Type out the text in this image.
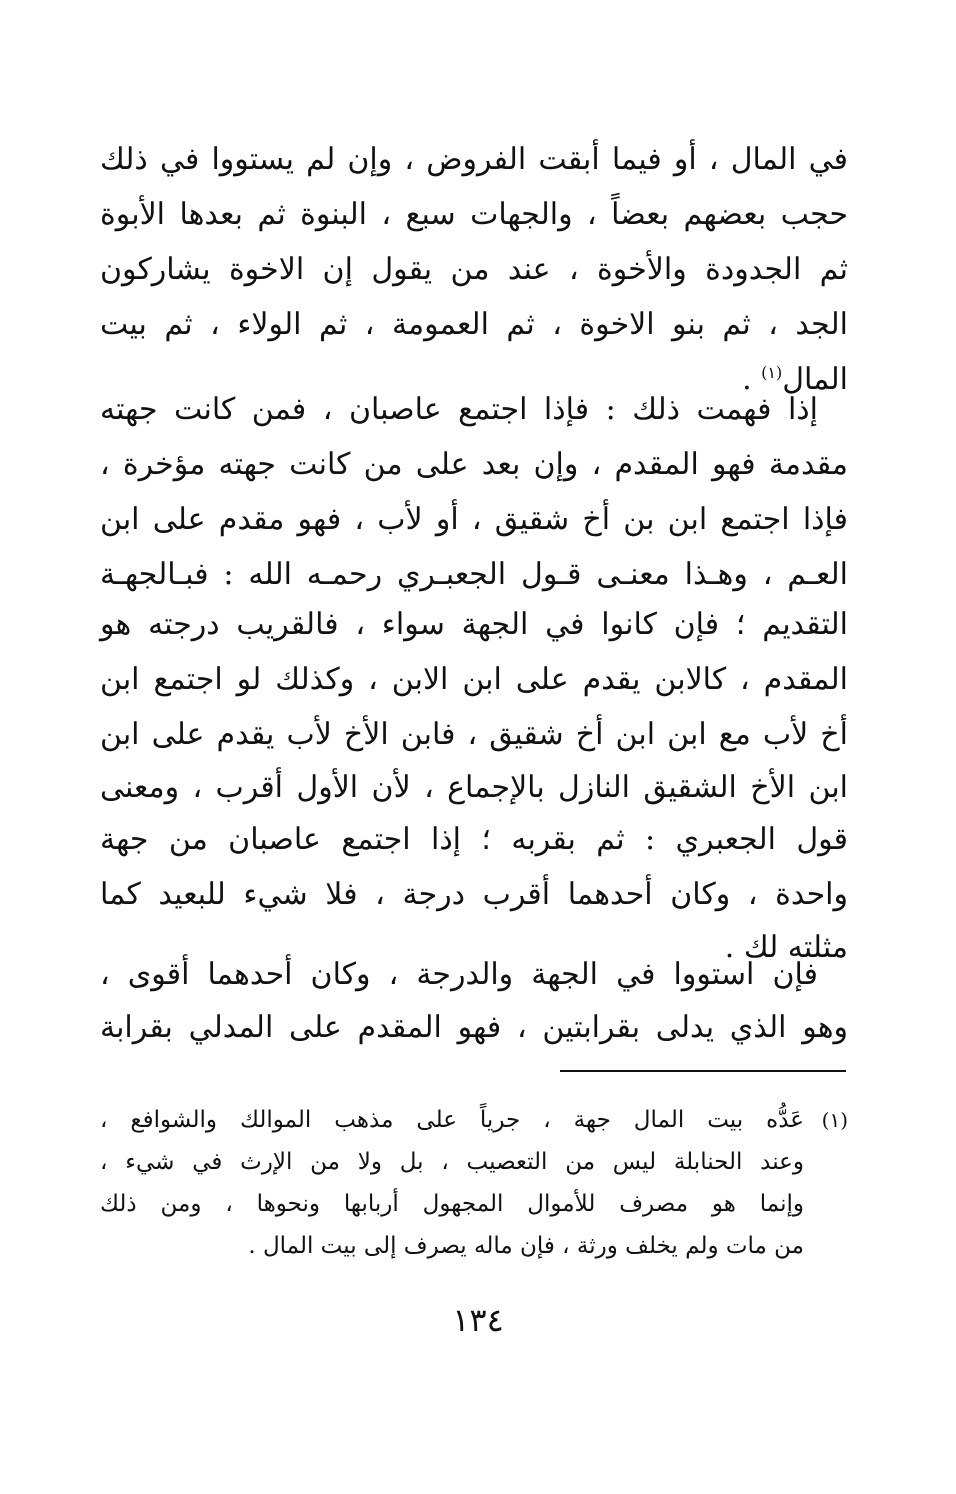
في المال ، أو فيما أبقت الفروض ، وإن لم يستووا في ذلك
حجب بعضهم بعضاً ، والجهات سبع ، البنوة ثم بعدها الأبوة
ثم الجدودة والأخوة ، عند من يقول إن الاخوة يشاركون
الجد ، ثم بنو الاخوة ، ثم العمومة ، ثم الولاء ، ثم بيت
المال$^{(١)}$ .
إذا فهمت ذلك : فإذا اجتمع عاصبان ، فمن كانت جهته
مقدمة فهو المقدم ، وإن بعد على من كانت جهته مؤخرة ،
فإذا اجتمع ابن بن أخ شقيق ، أو لأب ، فهو مقدم على ابن
العـم ، وهـذا معنـى قـول الجعبـري رحمـه الله : فبـالجهـة
التقديم ؛ فإن كانوا في الجهة سواء ، فالقريب درجته هو
المقدم ، كالابن يقدم على ابن الابن ، وكذلك لو اجتمع ابن
أخ لأب مع ابن ابن أخ شقيق ، فابن الأخ لأب يقدم على ابن
ابن الأخ الشقيق النازل بالإجماع ، لأن الأول أقرب ، ومعنى
قول الجعبري : ثم بقربه ؛ إذا اجتمع عاصبان من جهة
واحدة ، وكان أحدهما أقرب درجة ، فلا شيء للبعيد كما
مثلته لك .
فإن استووا في الجهة والدرجة ، وكان أحدهما أقوى ،
وهو الذي يدلى بقرابتين ، فهو المقدم على المدلي بقرابة
(١)
عَدُّه بيت المال جهة ، جرياً على مذهب الموالك والشوافع ،
وعند الحنابلة ليس من التعصيب ، بل ولا من الإرث في شيء ،
وإنما هو مصرف للأموال المجهول أربابها ونحوها ، ومن ذلك
من مات ولم يخلف ورثة ، فإن ماله يصرف إلى بيت المال .
١٣٤
